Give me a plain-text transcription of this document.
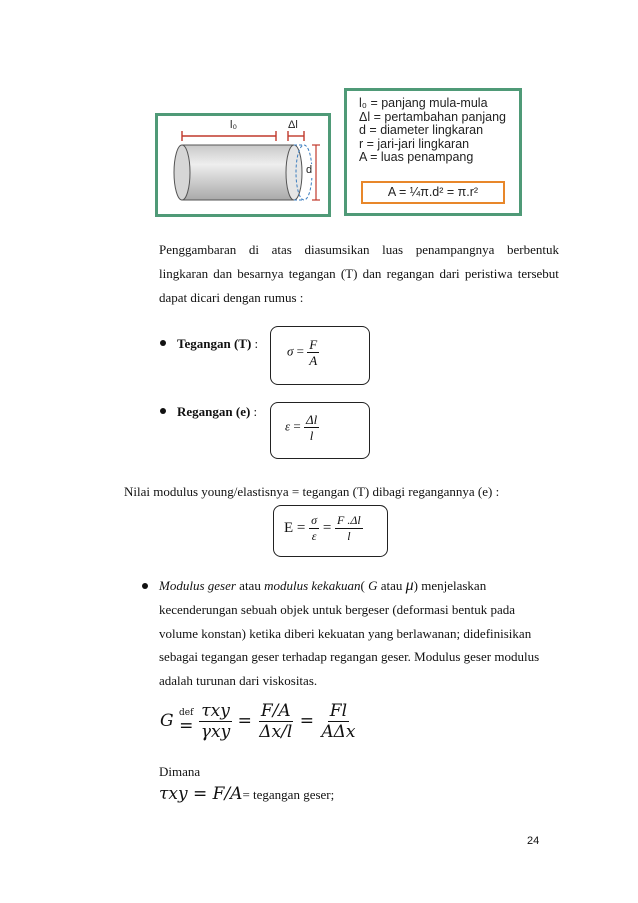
l₀	Δl
d
l₀ = panjang mula-mula
Δl = pertambahan panjang
d = diameter lingkaran
r = jari-jari lingkaran
A = luas penampang
A = ¼π.d² = π.r²
Penggambaran di atas diasumsikan luas penampangnya berbentuk
lingkaran dan besarnya tegangan (T) dan regangan dari peristiwa tersebut
dapat dicari dengan rumus :
Tegangan (T) : $\sigma = \frac{F}{A}$
Regangan (e) :
$\varepsilon = \frac{\Delta l}{l}$
Nilai modulus young/elastisnya = tegangan (T) dibagi regangannya (e) :
$E = \frac{\sigma}{\varepsilon} = \frac{F .\Delta l}{l}$
Modulus geser atau modulus kekakuan( G atau μ) menjelaskan
kecenderungan sebuah objek untuk bergeser (deformasi bentuk pada
volume konstan) ketika diberi kekuatan yang berlawanan; didefinisikan
sebagai tegangan geser terhadap regangan geser. Modulus geser modulus
adalah turunan dari viskositas.
G def
=
$\frac{\text{τxy}}{\text{γxy}} = \frac{F/A}{\Delta x/l} = \frac{Fl}{\text{AΔx}}$
Dimana
τxy = F/A= tegangan geser;
24
